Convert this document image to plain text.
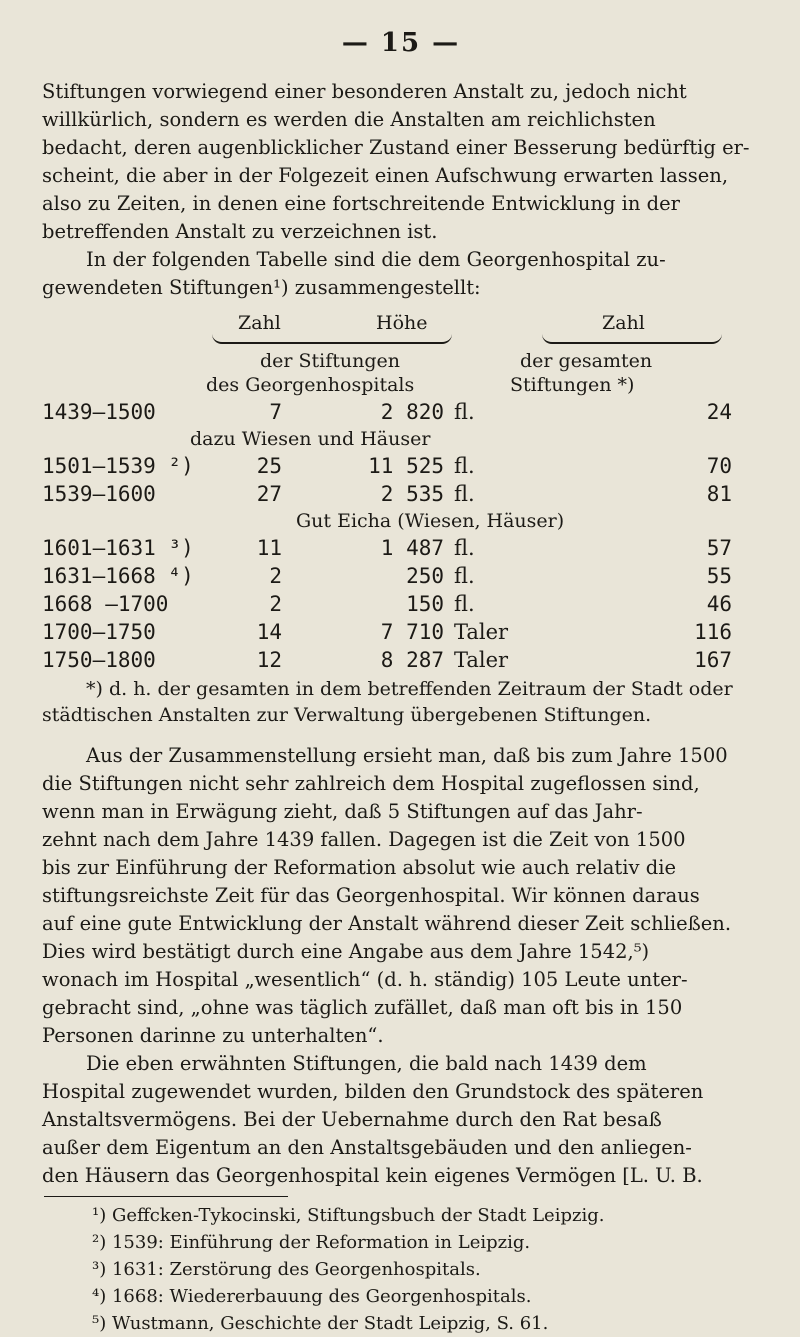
— 15 —
Stiftungen vorwiegend einer besonderen Anstalt zu, jedoch nicht
willkürlich, sondern es werden die Anstalten am reichlichsten
bedacht, deren augenblicklicher Zustand einer Besserung bedürftig er-
scheint, die aber in der Folgezeit einen Aufschwung erwarten lassen,
also zu Zeiten, in denen eine fortschreitende Entwicklung in der
betreffenden Anstalt zu verzeichnen ist.
In der folgenden Tabelle sind die dem Georgenhospital zu-
gewendeten Stiftungen¹) zusammengestellt:
Zahl	Höhe	Zahl
der Stiftungen
des Georgenhospitals
der gesamten
Stiftungen *)
1439—1500	7	2 820 fl.	24
dazu Wiesen und Häuser
1501—1539 ²)	25	11 525 fl.	70
1539—1600	27	2 535 fl.	81
Gut Eicha (Wiesen, Häuser)
1601—1631 ³)	11	1 487 fl.	57
1631—1668 ⁴)	2	250 fl.	55
1668 —1700	2	150 fl.	46
1700—1750	14	7 710 Taler	116
1750—1800	12	8 287 Taler	167
*) d. h. der gesamten in dem betreffenden Zeitraum der Stadt oder
städtischen Anstalten zur Verwaltung übergebenen Stiftungen.
Aus der Zusammenstellung ersieht man, daß bis zum Jahre 1500
die Stiftungen nicht sehr zahlreich dem Hospital zugeflossen sind,
wenn man in Erwägung zieht, daß 5 Stiftungen auf das Jahr-
zehnt nach dem Jahre 1439 fallen. Dagegen ist die Zeit von 1500
bis zur Einführung der Reformation absolut wie auch relativ die
stiftungsreichste Zeit für das Georgenhospital. Wir können daraus
auf eine gute Entwicklung der Anstalt während dieser Zeit schließen.
Dies wird bestätigt durch eine Angabe aus dem Jahre 1542,⁵)
wonach im Hospital „wesentlich“ (d. h. ständig) 105 Leute unter-
gebracht sind, „ohne was täglich zufället, daß man oft bis in 150
Personen darinne zu unterhalten“.
Die eben erwähnten Stiftungen, die bald nach 1439 dem
Hospital zugewendet wurden, bilden den Grundstock des späteren
Anstaltsvermögens. Bei der Uebernahme durch den Rat besaß
außer dem Eigentum an den Anstaltsgebäuden und den anliegen-
den Häusern das Georgenhospital kein eigenes Vermögen [L. U. B.
¹) Geffcken-Tykocinski, Stiftungsbuch der Stadt Leipzig.
²) 1539: Einführung der Reformation in Leipzig.
³) 1631: Zerstörung des Georgenhospitals.
⁴) 1668: Wiedererbauung des Georgenhospitals.
⁵) Wustmann, Geschichte der Stadt Leipzig, S. 61.
